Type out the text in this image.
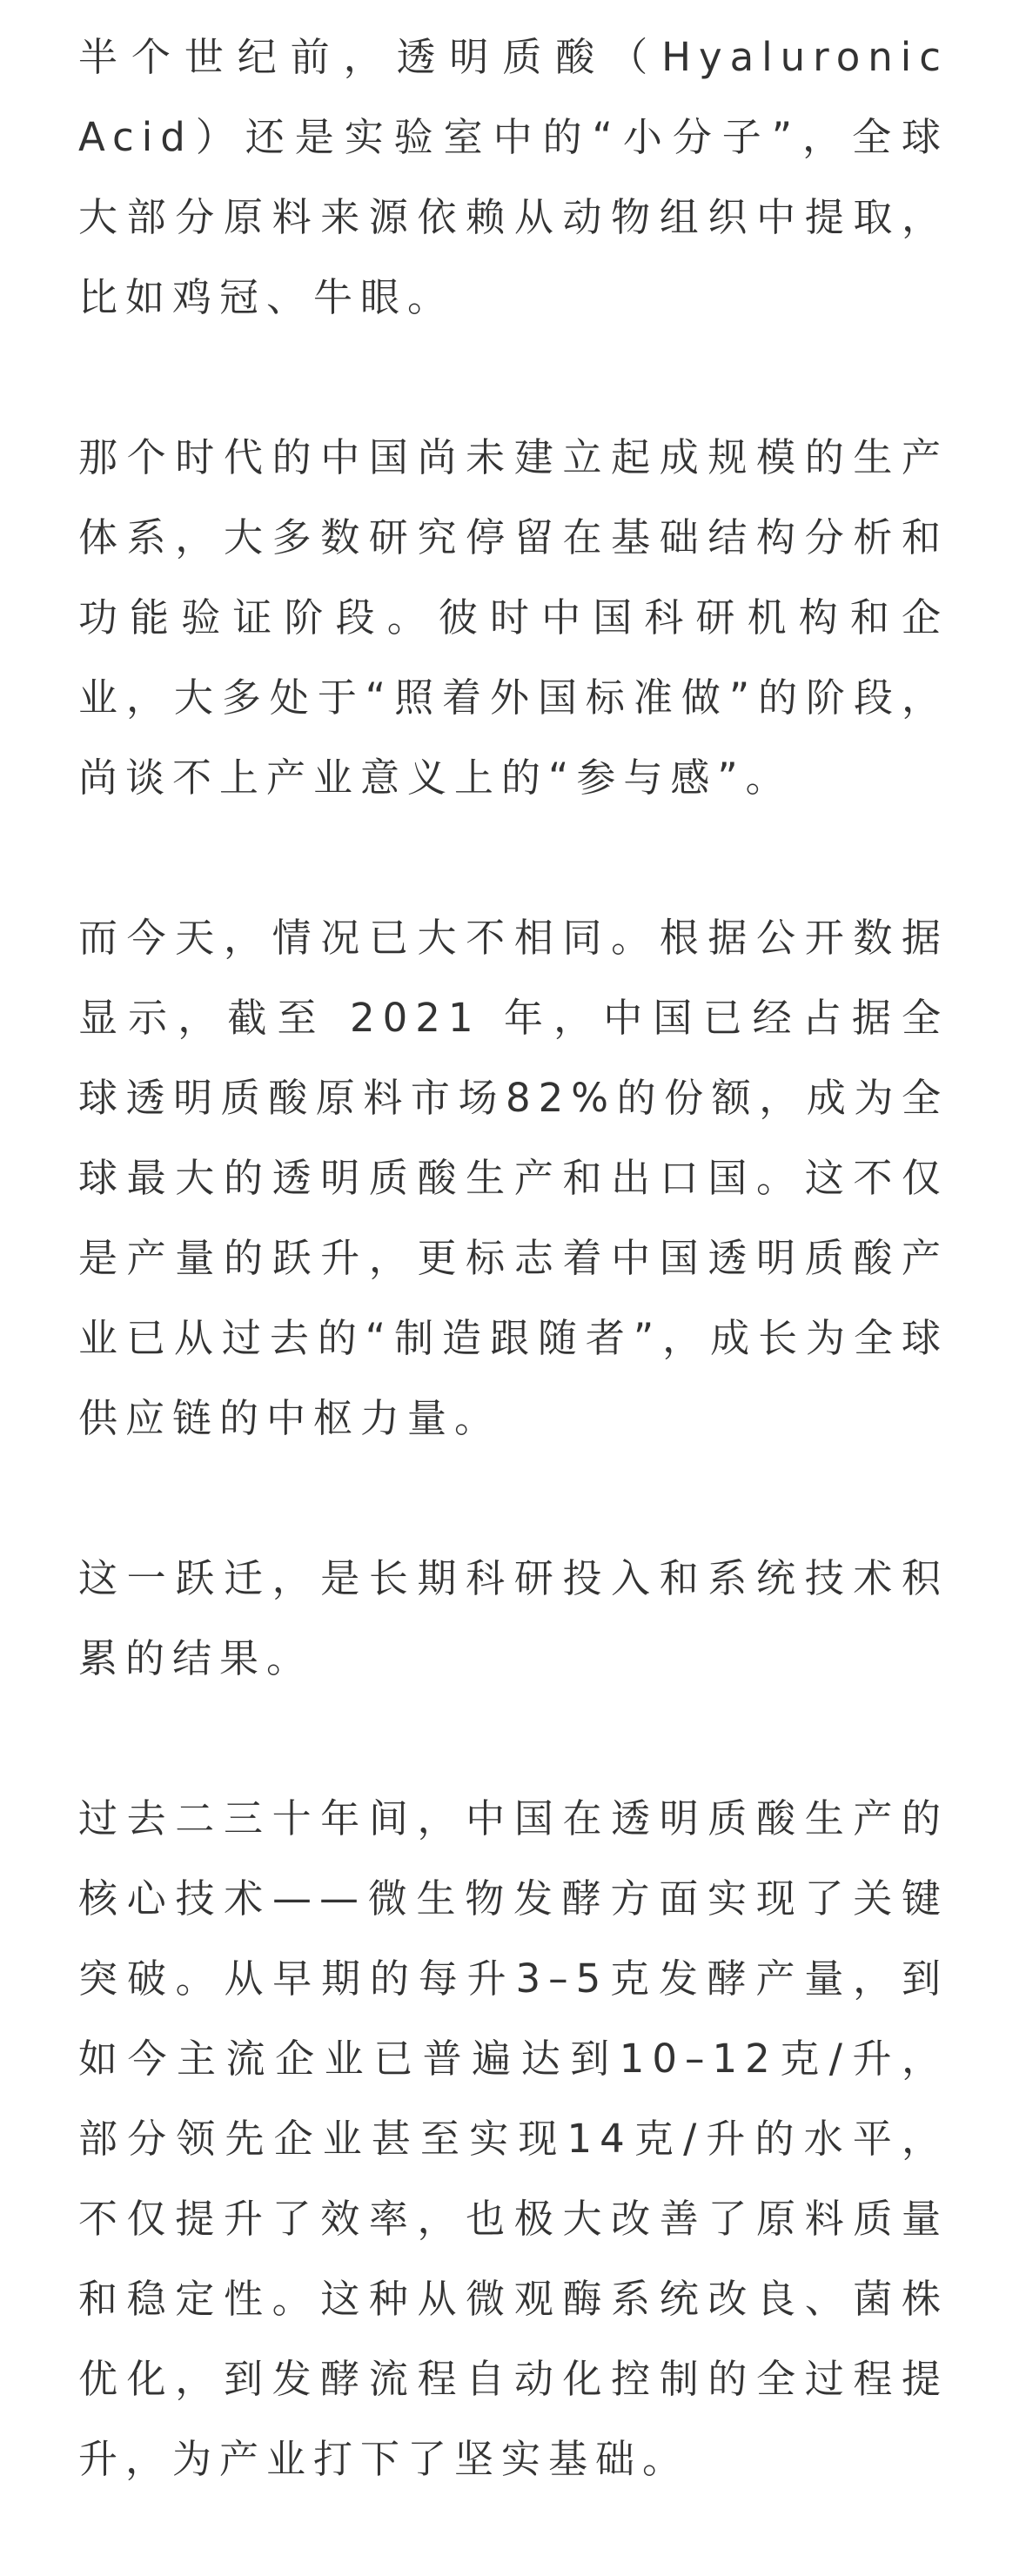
半个世纪前，透明质酸（Hyaluronic Acid）还是实验室中的“小分子”，全球大部分原料来源依赖从动物组织中提取，比如鸡冠、牛眼。

那个时代的中国尚未建立起成规模的生产体系，大多数研究停留在基础结构分析和功能验证阶段。彼时中国科研机构和企业，大多处于“照着外国标准做”的阶段，尚谈不上产业意义上的“参与感”。

而今天，情况已大不相同。根据公开数据显示，截至 2021 年，中国已经占据全球透明质酸原料市场82%的份额，成为全球最大的透明质酸生产和出口国。这不仅是产量的跃升，更标志着中国透明质酸产业已从过去的“制造跟随者”，成长为全球供应链的中枢力量。

这一跃迁，是长期科研投入和系统技术积累的结果。

过去二三十年间，中国在透明质酸生产的核心技术——微生物发酵方面实现了关键突破。从早期的每升3–5克发酵产量，到如今主流企业已普遍达到10–12克/升，部分领先企业甚至实现14克/升的水平，不仅提升了效率，也极大改善了原料质量和稳定性。这种从微观酶系统改良、菌株优化，到发酵流程自动化控制的全过程提升，为产业打下了坚实基础。
